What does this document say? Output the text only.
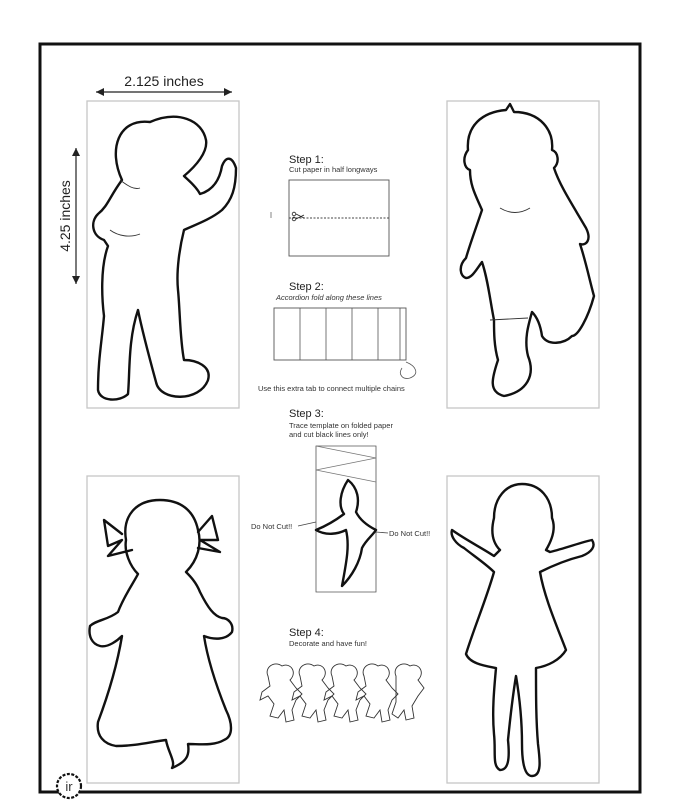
2.125 inches
4.25 inches
Step 1:
Cut paper in half longways
Step 2:
Accordion fold along these lines
Use this extra tab to connect multiple chains
Step 3:
Trace template on folded paper
and cut black lines only!
Do Not Cut!!
Do Not Cut!!
Step 4:
Decorate and have fun!
ir
